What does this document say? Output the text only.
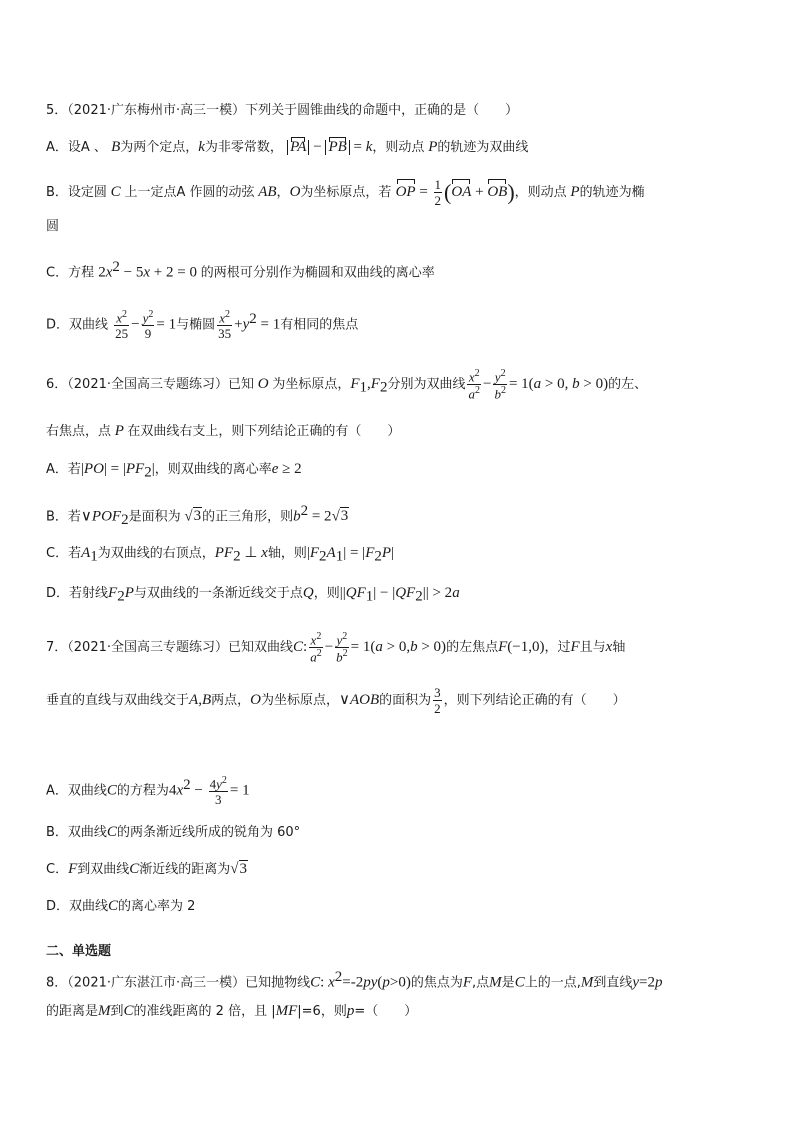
5．（2021·广东梅州市·高三一模）下列关于圆锥曲线的命题中，正确的是（　　）
A．设A 、 B为两个定点，k为非零常数， PA − PB = k，则动点 P的轨迹为双曲线
B．设定圆 C 上一定点A 作圆的动弦 AB，O为坐标原点，若 OP = $\frac{1}{2} (OA + OB)$，则动点 P的轨迹为椭
圆
C．方程 $2x^2 - 5x + 2 = 0$ 的两根可分别作为椭圆和双曲线的离心率
D．双曲线 $\frac{x^2}{25} - \frac{y^2}{9} = 1$与椭圆 $\frac{x^2}{35} +y^2 = 1$有相同的焦点
6．（2021·全国高三专题练习）已知 O 为坐标原点，$F_1,F_2$分别为双曲线 $\frac{x^2}{a^2} - \frac{y^2}{b^2} = 1(a > 0$, b > 0)的左、
右焦点，点 P 在双曲线右支上，则下列结论正确的有（　　）
A．若$|PO| = |PF_2|$，则双曲线的离心率e ≥ 2
B．若$\vee POF_2$是面积为 √3的正三角形，则$b^2 = 2√3$
C．若$A_1$为双曲线的右顶点，$PF_2$ ⊥ x轴，则$|F_2A_1| = |F_2P|$
D．若射线$F_2P$与双曲线的一条渐近线交于点Q，则$||QF_1| - |QF_2|| > 2a$
7．（2021·全国高三专题练习）已知双曲线C: $\frac{x^2}{a^2} - \frac{y^2}{b^2} = 1(a > 0,b > 0)$的左焦点F(−1,0)，过F且与x轴
垂直的直线与双曲线交于A,B两点，O为坐标原点，∨AOB的面积为 $\frac{3}{2}$ ，则下列结论正确的有（　　）
A．双曲线C的方程为$4x^2 - \frac{4y^2}{3} = 1$
B．双曲线C的两条渐近线所成的锐角为 60°
C．F到双曲线C渐近线的距离为√3
D．双曲线C的离心率为 2
二、单选题
8．（2021·广东湛江市·高三一模）已知抛物线C: $x^2=-2py(p>0)$的焦点为F,点M是C上的一点,M到直线y=2p
的距离是M到C的准线距离的 2 倍，且 |MF|=6，则p=（　　）
